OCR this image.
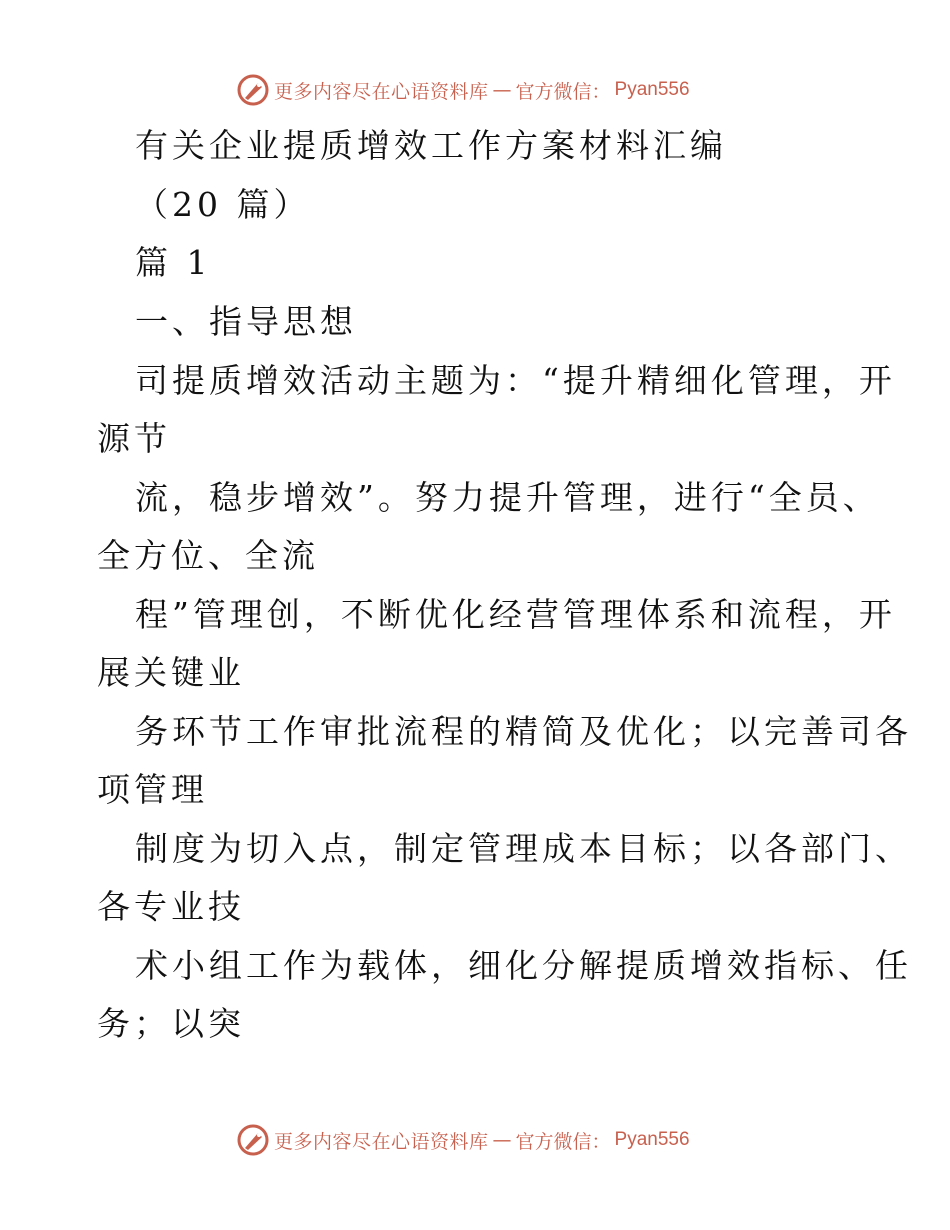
更多内容尽在心语资料库 — 官方微信： Pyan556
有关企业提质增效工作方案材料汇编
（20 篇）
篇 1
一、指导思想
司提质增效活动主题为：“提升精细化管理，开
源节
流，稳步增效”。努力提升管理，进行“全员、
全方位、全流
程”管理创，不断优化经营管理体系和流程，开
展关键业
务环节工作审批流程的精简及优化；以完善司各
项管理
制度为切入点，制定管理成本目标；以各部门、
各专业技
术小组工作为载体，细化分解提质增效指标、任
务；以突
更多内容尽在心语资料库 — 官方微信： Pyan556
